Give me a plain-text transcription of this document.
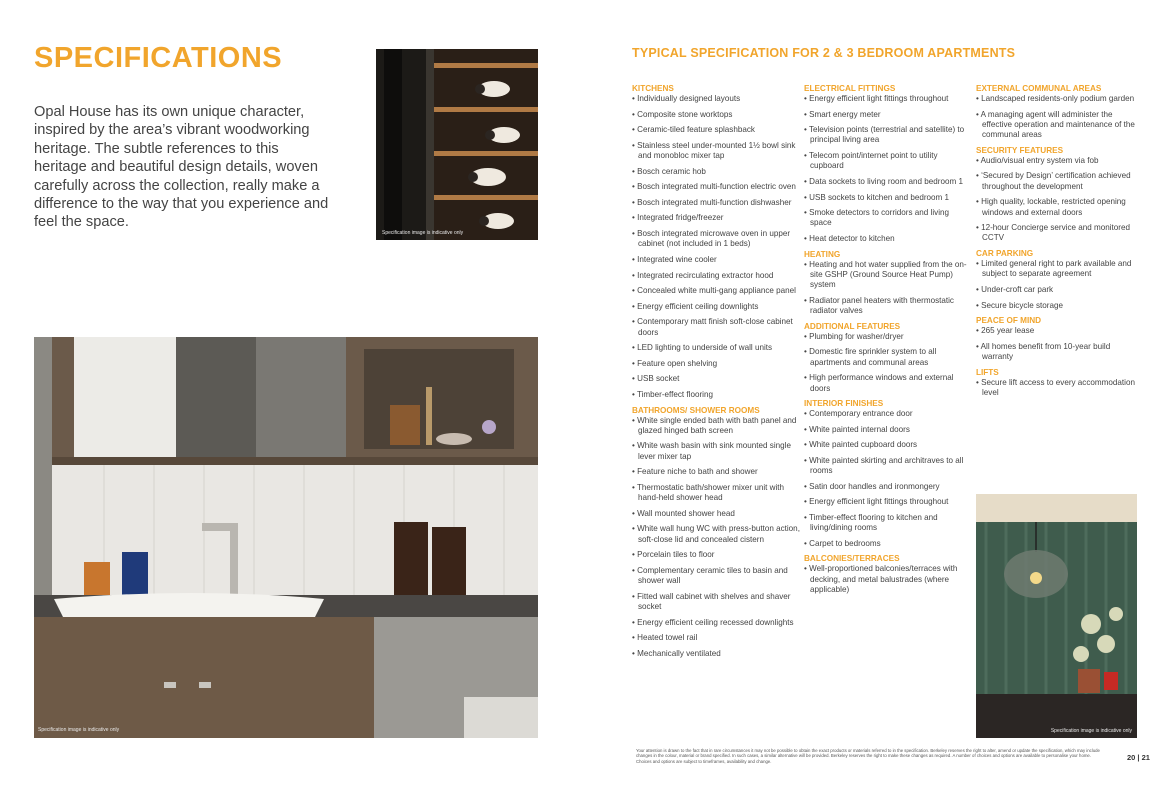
SPECIFICATIONS
Opal House has its own unique character, inspired by the area’s vibrant woodworking heritage. The subtle references to this heritage and beautiful design details, woven carefully across the collection, really make a difference to the way that you experience and feel the space.
Specification image is indicative only
Specification image is indicative only
TYPICAL SPECIFICATION FOR 2 & 3 BEDROOM APARTMENTS
KITCHENS
• Individually designed layouts
• Composite stone worktops
• Ceramic-tiled feature splashback
• Stainless steel under-mounted 1½ bowl sink and monobloc mixer tap
• Bosch ceramic hob
• Bosch integrated multi-function electric oven
• Bosch integrated multi-function dishwasher
• Integrated fridge/freezer
• Bosch integrated microwave oven in upper cabinet (not included in 1 beds)
• Integrated wine cooler
• Integrated recirculating extractor hood
• Concealed white multi-gang appliance panel
• Energy efficient ceiling downlights
• Contemporary matt finish soft-close cabinet doors
• LED lighting to underside of wall units
• Feature open shelving
• USB socket
• Timber-effect flooring
BATHROOMS/ SHOWER ROOMS
• White single ended bath with bath panel and glazed hinged bath screen
• White wash basin with sink mounted single lever mixer tap
• Feature niche to bath and shower
• Thermostatic bath/shower mixer unit with hand-held shower head
• Wall mounted shower head
• White wall hung WC with press-button action, soft-close lid and concealed cistern
• Porcelain tiles to floor
• Complementary ceramic tiles to basin and shower wall
• Fitted wall cabinet with shelves and shaver socket
• Energy efficient ceiling recessed downlights
• Heated towel rail
• Mechanically ventilated
ELECTRICAL FITTINGS
• Energy efficient light fittings throughout
• Smart energy meter
• Television points (terrestrial and satellite) to principal living area
• Telecom point/internet point to utility cupboard
• Data sockets to living room and bedroom 1
• USB sockets to kitchen and bedroom 1
• Smoke detectors to corridors and living space
• Heat detector to kitchen
HEATING
• Heating and hot water supplied from the on-site GSHP (Ground Source Heat Pump) system
• Radiator panel heaters with thermostatic radiator valves
ADDITIONAL FEATURES
• Plumbing for washer/dryer
• Domestic fire sprinkler system to all apartments and communal areas
• High performance windows and external doors
INTERIOR FINISHES
• Contemporary entrance door
• White painted internal doors
• White painted cupboard doors
• White painted skirting and architraves to all rooms
• Satin door handles and ironmongery
• Energy efficient light fittings throughout
• Timber-effect flooring to kitchen and living/dining rooms
• Carpet to bedrooms
BALCONIES/TERRACES
• Well-proportioned balconies/terraces with decking, and metal balustrades (where applicable)
EXTERNAL COMMUNAL AREAS
• Landscaped residents-only podium garden
• A managing agent will administer the effective operation and maintenance of the communal areas
SECURITY FEATURES
• Audio/visual entry system via fob
• ‘Secured by Design’ certification achieved throughout the development
• High quality, lockable, restricted opening windows and external doors
• 12-hour Concierge service and monitored CCTV
CAR PARKING
• Limited general right to park available and subject to separate agreement
• Under-croft car park
• Secure bicycle storage
PEACE OF MIND
• 265 year lease
• All homes benefit from 10-year build warranty
LIFTS
• Secure lift access to every accommodation level
Specification image is indicative only
Your attention is drawn to the fact that in rare circumstances it may not be possible to obtain the exact products or materials referred to in the specification. Berkeley reserves the right to alter, amend or update the specification, which may include changes in the colour, material or brand specified. In such cases, a similar alternative will be provided. Berkeley reserves the right to make these changes as required. A number of choices and options are available to personalise your home. Choices and options are subject to timeframes, availability and change.	20 | 21
